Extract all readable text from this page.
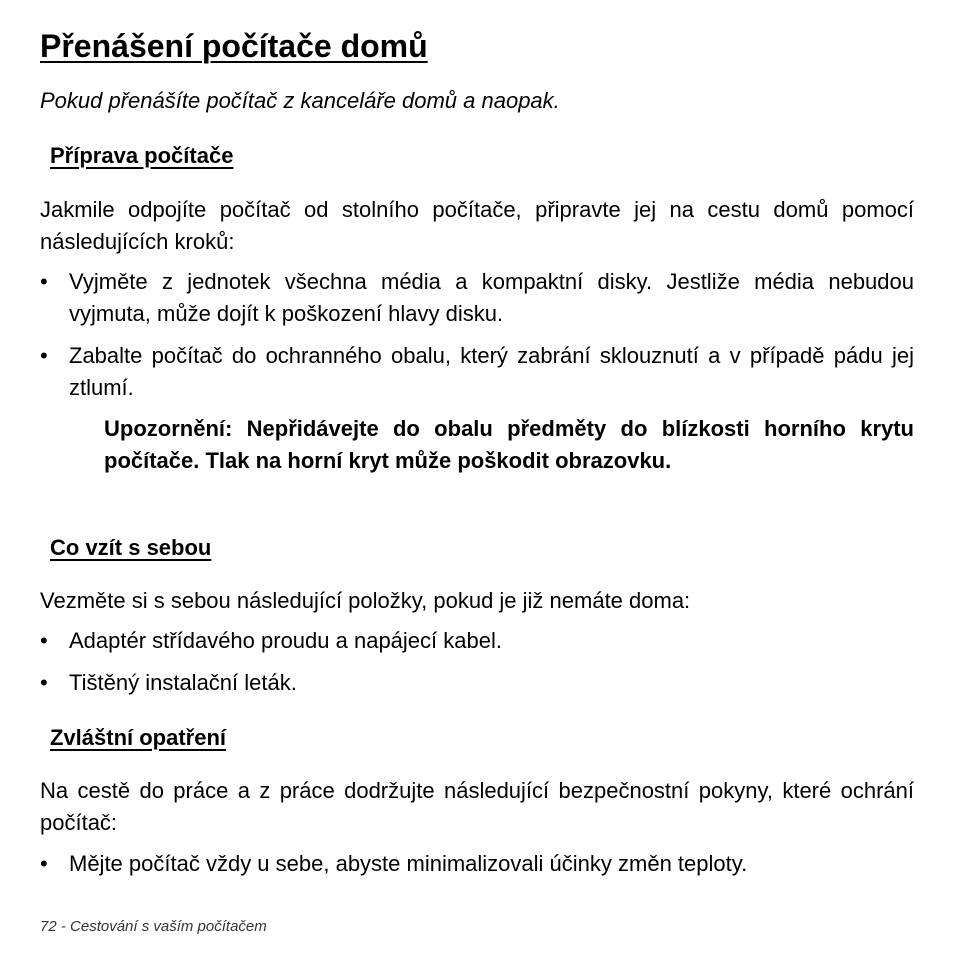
Přenášení počítače domů

Pokud přenášíte počítač z kanceláře domů a naopak.

Příprava počítače

Jakmile odpojíte počítač od stolního počítače, připravte jej na cestu domů pomocí následujících kroků:

• Vyjměte z jednotek všechna média a kompaktní disky. Jestliže média nebudou vyjmuta, může dojít k poškození hlavy disku.
• Zabalte počítač do ochranného obalu, který zabrání sklouznutí a v případě pádu jej ztlumí.

Upozornění: Nepřidávejte do obalu předměty do blízkosti horního krytu počítače. Tlak na horní kryt může poškodit obrazovku.

Co vzít s sebou

Vezměte si s sebou následující položky, pokud je již nemáte doma:

• Adaptér střídavého proudu a napájecí kabel.
• Tištěný instalační leták.
Zvláštní opatření

Na cestě do práce a z práce dodržujte následující bezpečnostní pokyny, které ochrání počítač:

• Mějte počítač vždy u sebe, abyste minimalizovali účinky změn teploty.
72 - Cestování s vaším počítačem
